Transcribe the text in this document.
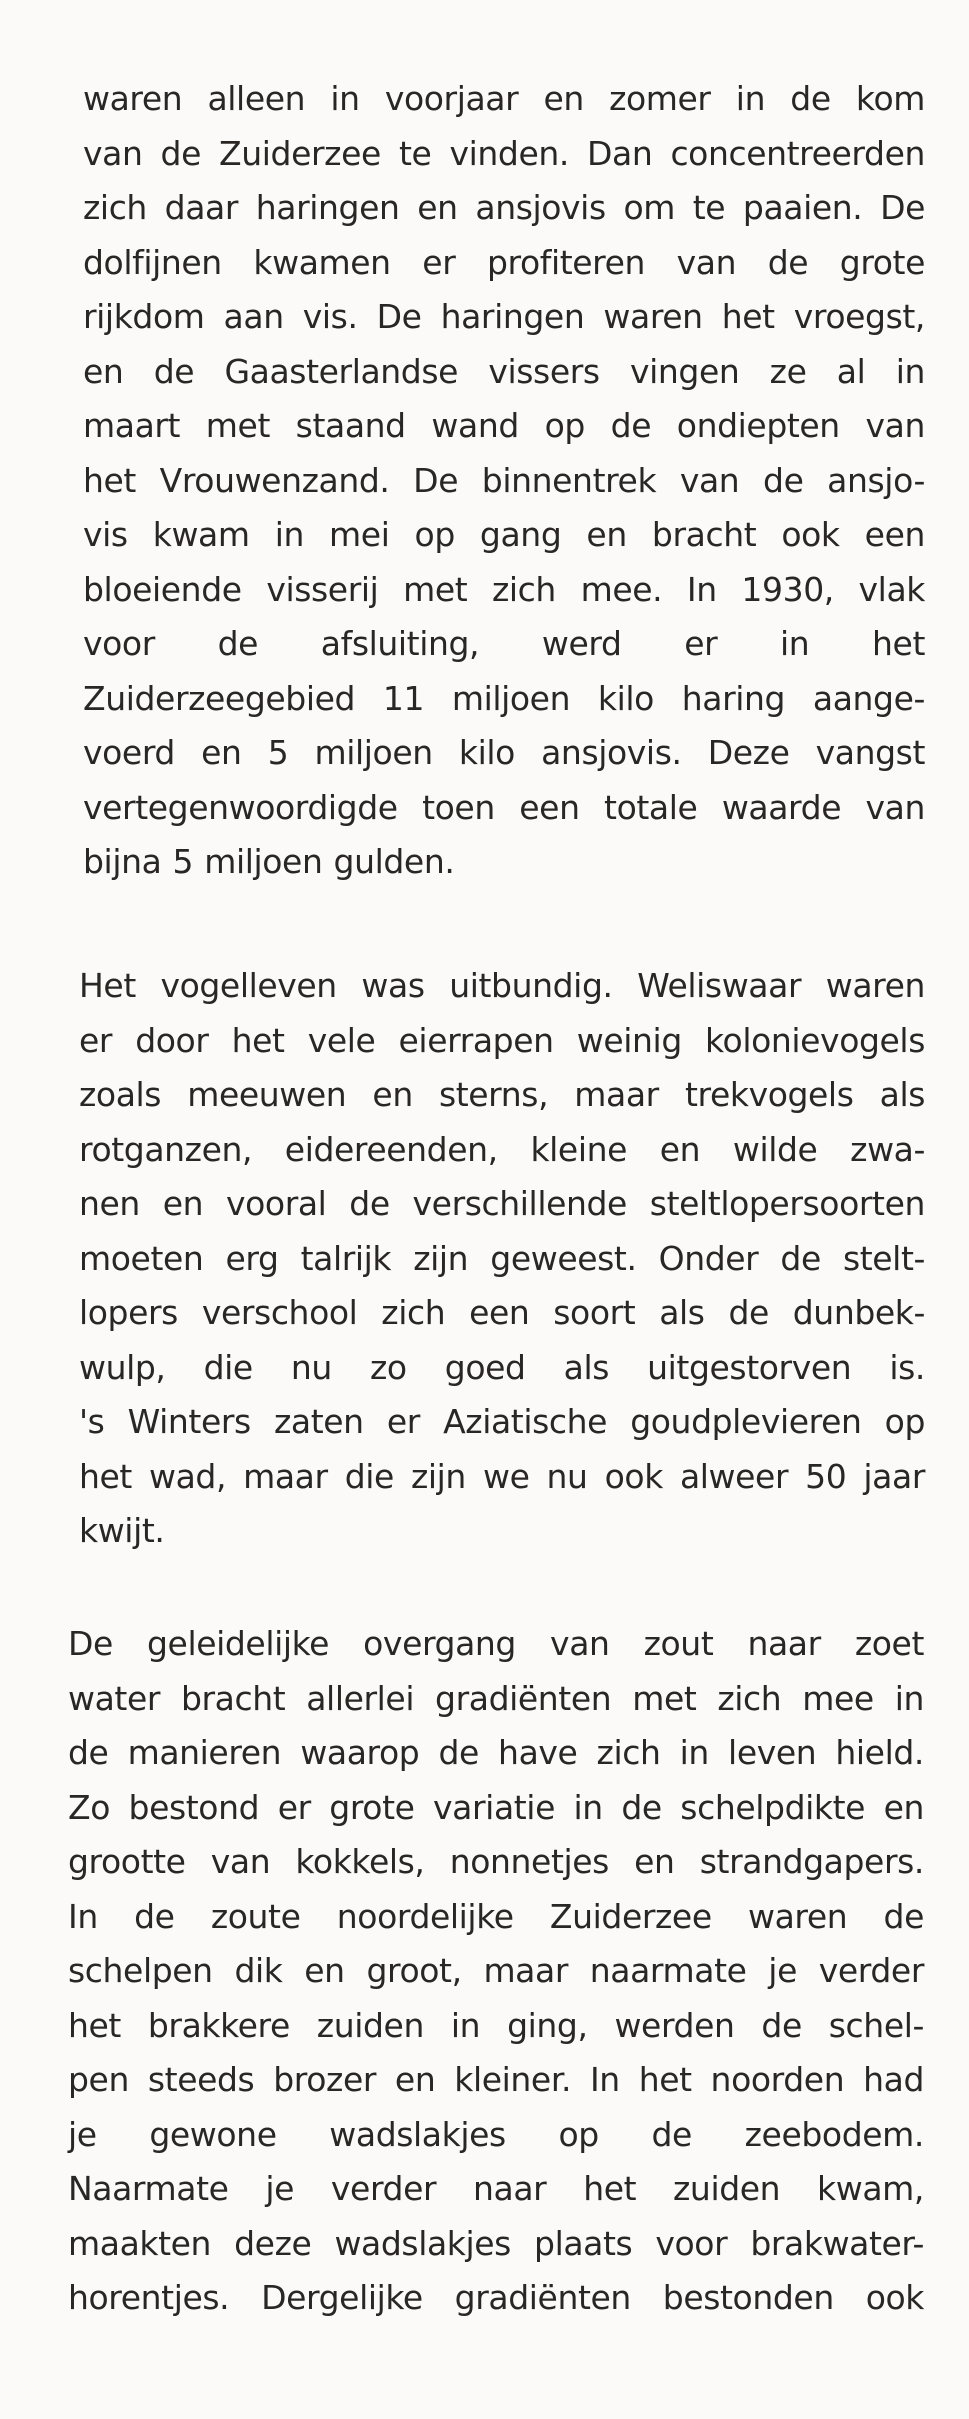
waren alleen in voorjaar en zomer in de kom
van de Zuiderzee te vinden. Dan concentreerden
zich daar haringen en ansjovis om te paaien. De
dolfijnen kwamen er profiteren van de grote
rijkdom aan vis. De haringen waren het vroegst,
en de Gaasterlandse vissers vingen ze al in
maart met staand wand op de ondiepten van
het Vrouwenzand. De binnentrek van de ansjo-
vis kwam in mei op gang en bracht ook een
bloeiende visserij met zich mee. In 1930, vlak
voor de afsluiting, werd er in het
Zuiderzeegebied 11 miljoen kilo haring aange-
voerd en 5 miljoen kilo ansjovis. Deze vangst
vertegenwoordigde toen een totale waarde van
bijna 5 miljoen gulden.
Het vogelleven was uitbundig. Weliswaar waren
er door het vele eierrapen weinig kolonievogels
zoals meeuwen en sterns, maar trekvogels als
rotganzen, eidereenden, kleine en wilde zwa-
nen en vooral de verschillende steltlopersoorten
moeten erg talrijk zijn geweest. Onder de stelt-
lopers verschool zich een soort als de dunbek-
wulp, die nu zo goed als uitgestorven is.
's Winters zaten er Aziatische goudplevieren op
het wad, maar die zijn we nu ook alweer 50 jaar
kwijt.
De geleidelijke overgang van zout naar zoet
water bracht allerlei gradiënten met zich mee in
de manieren waarop de have zich in leven hield.
Zo bestond er grote variatie in de schelpdikte en
grootte van kokkels, nonnetjes en strandgapers.
In de zoute noordelijke Zuiderzee waren de
schelpen dik en groot, maar naarmate je verder
het brakkere zuiden in ging, werden de schel-
pen steeds brozer en kleiner. In het noorden had
je gewone wadslakjes op de zeebodem.
Naarmate je verder naar het zuiden kwam,
maakten deze wadslakjes plaats voor brakwater-
horentjes. Dergelijke gradiënten bestonden ook
